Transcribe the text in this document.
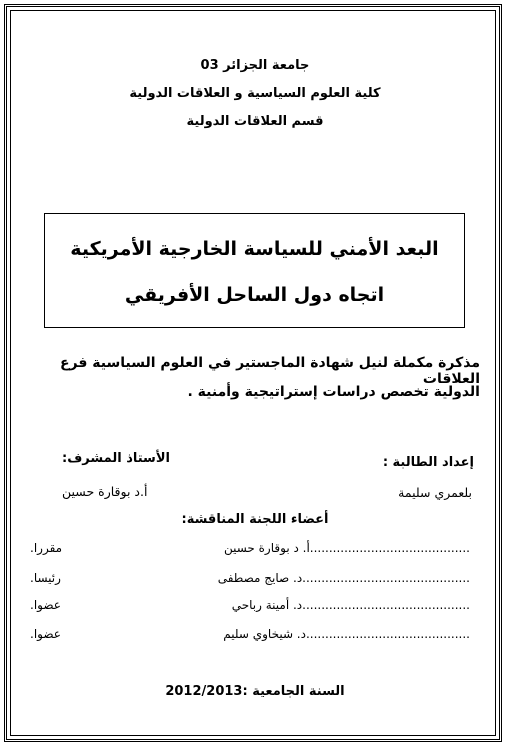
جامعة الجزائر 03
كلية العلوم السياسية و العلاقات الدولية
قسم العلاقات الدولية
البعد الأمني للسياسة الخارجية الأمريكية
اتجاه دول الساحل الأفريقي
مذكرة مكملة لنيل شهادة الماجستير في العلوم السياسية فرع العلاقات
الدولية تخصص دراسات إستراتيجية وأمنية .
إعداد الطالبة :
الأستاذ المشرف:
بلعمري سليمة
أ.د بوقارة حسين
أعضاء اللجنة المناقشة:
أ. د بوقارة حسين..........................................
مقررا.
د. صايج مصطفى............................................
رئيسا.
د. أمينة رباحي............................................
عضوا.
د. شيخاوي سليم...........................................
عضوا.
السنة الجامعية :2012/2013
